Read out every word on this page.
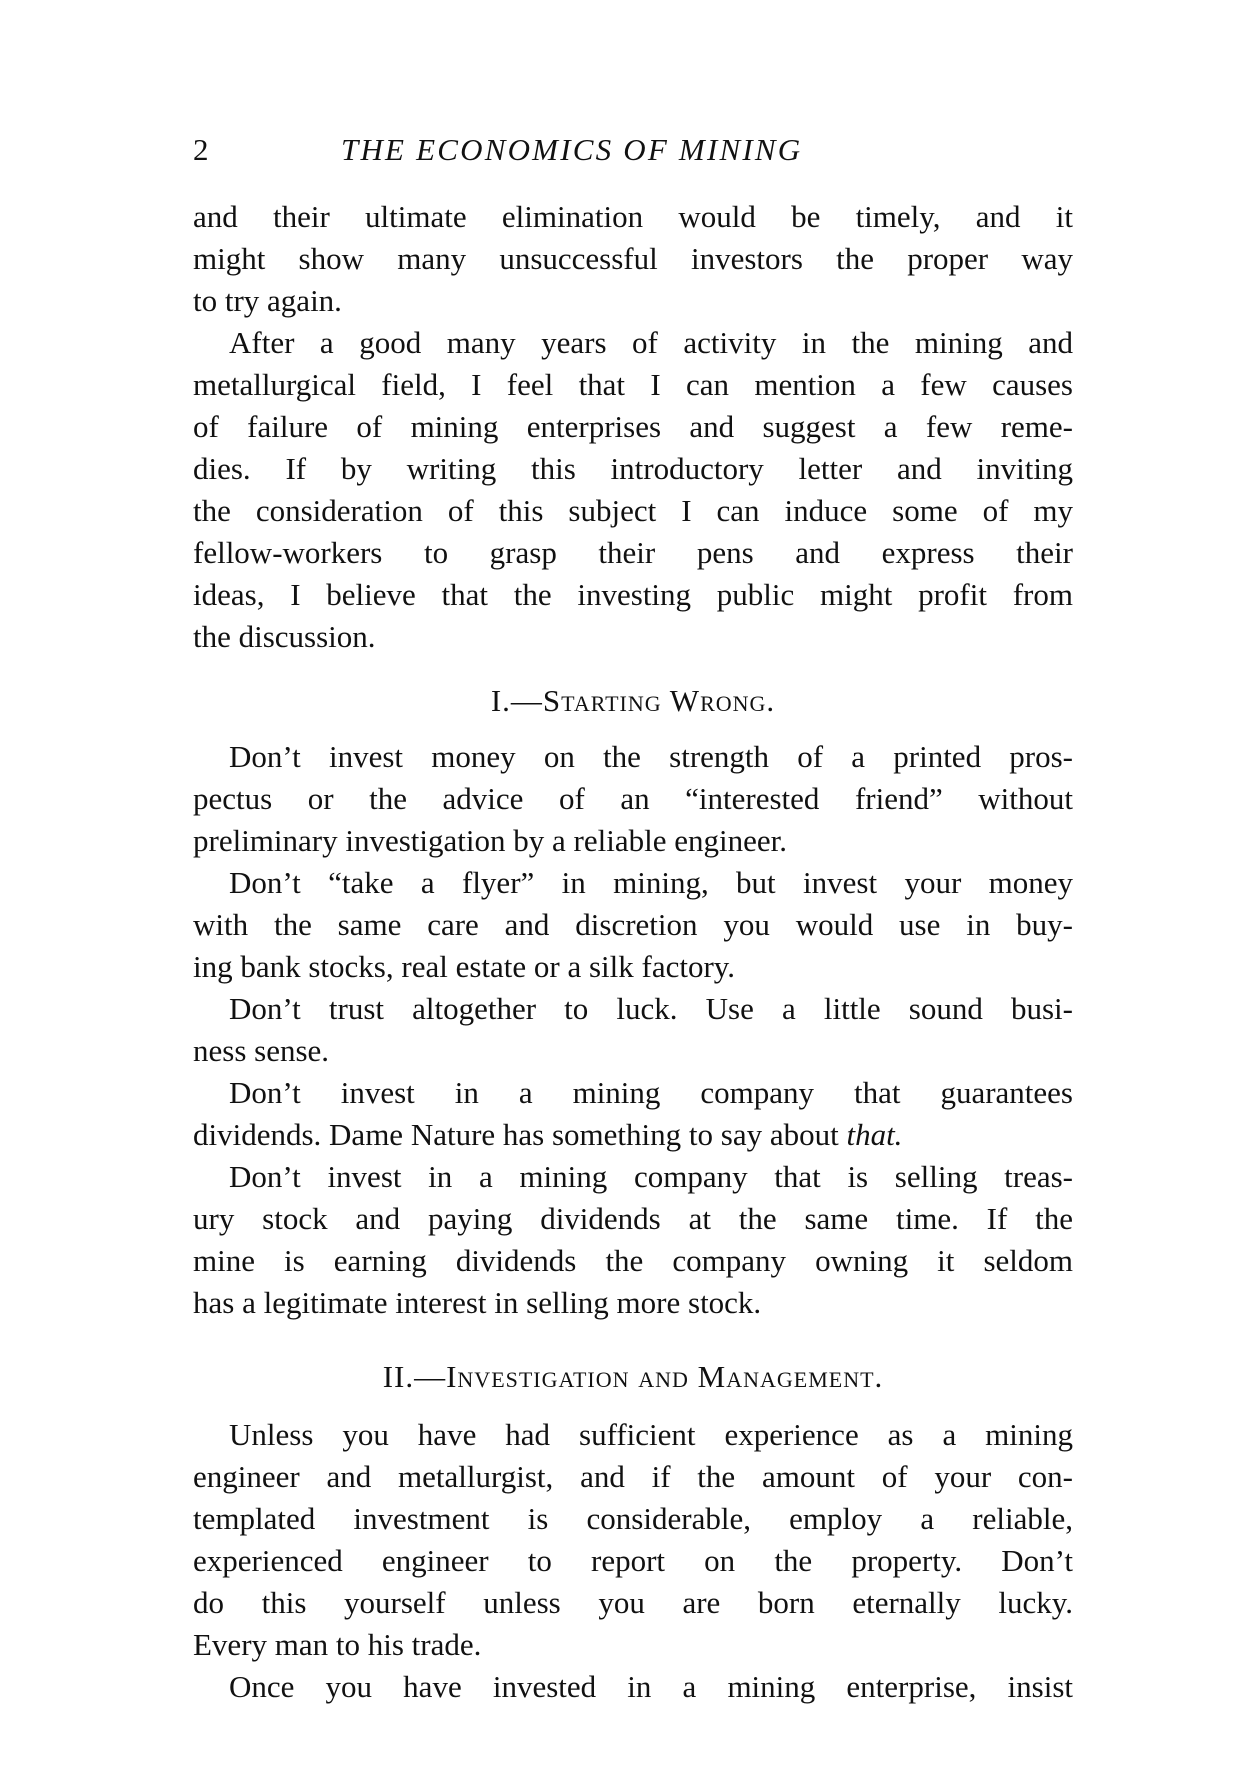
2	THE ECONOMICS OF MINING
and their ultimate elimination would be timely, and it
might show many unsuccessful investors the proper way
to try again.
After a good many years of activity in the mining and
metallurgical field, I feel that I can mention a few causes
of failure of mining enterprises and suggest a few reme-
dies. If by writing this introductory letter and inviting
the consideration of this subject I can induce some of my
fellow-workers to grasp their pens and express their
ideas, I believe that the investing public might profit from
the discussion.
I.—Starting Wrong.
Don’t invest money on the strength of a printed pros-
pectus or the advice of an “interested friend” without
preliminary investigation by a reliable engineer.
Don’t “take a flyer” in mining, but invest your money
with the same care and discretion you would use in buy-
ing bank stocks, real estate or a silk factory.
Don’t trust altogether to luck. Use a little sound busi-
ness sense.
Don’t invest in a mining company that guarantees
dividends. Dame Nature has something to say about that.
Don’t invest in a mining company that is selling treas-
ury stock and paying dividends at the same time. If the
mine is earning dividends the company owning it seldom
has a legitimate interest in selling more stock.
II.—Investigation and Management.
Unless you have had sufficient experience as a mining
engineer and metallurgist, and if the amount of your con-
templated investment is considerable, employ a reliable,
experienced engineer to report on the property. Don’t
do this yourself unless you are born eternally lucky.
Every man to his trade.
Once you have invested in a mining enterprise, insist
